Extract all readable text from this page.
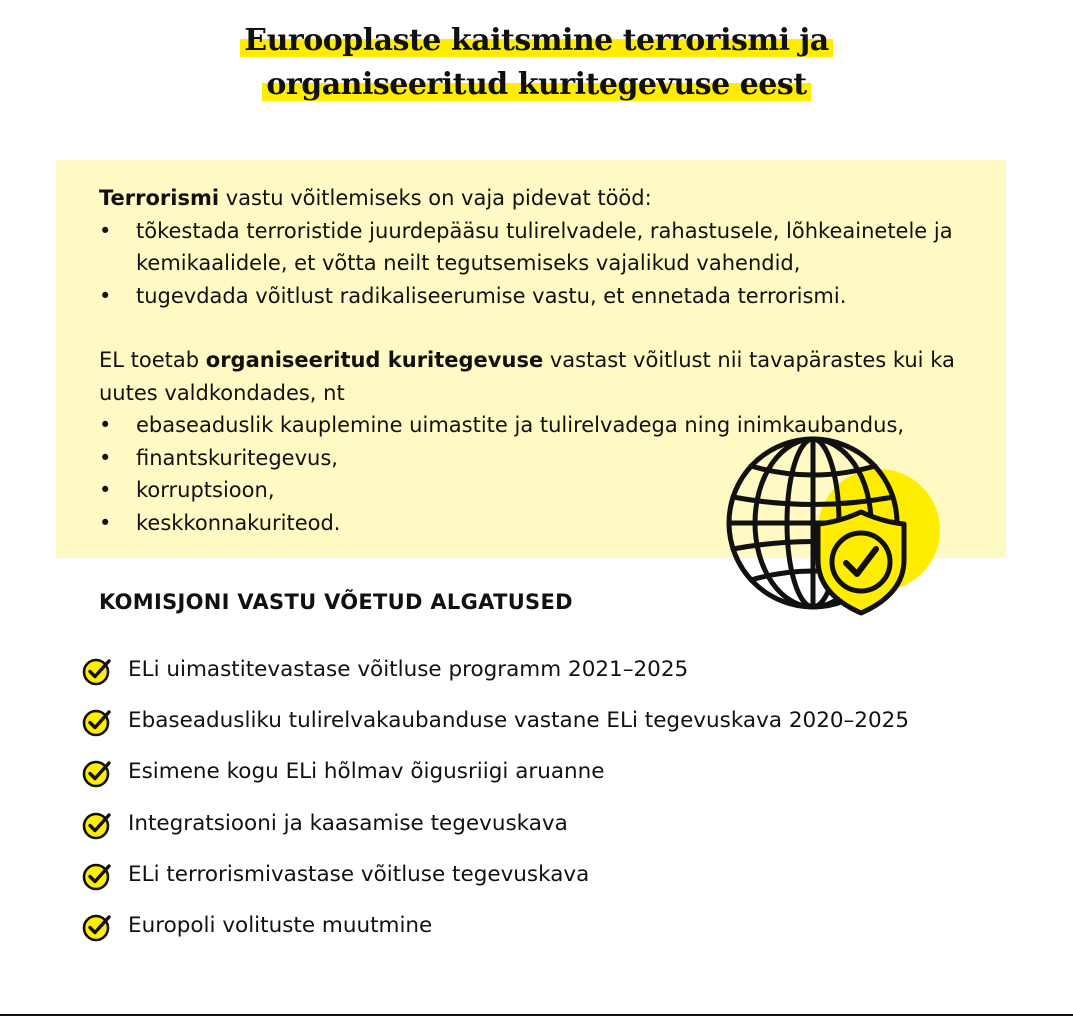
Eurooplaste kaitsmine terrorismi ja
organiseeritud kuritegevuse eest

Terrorismi vastu võitlemiseks on vaja pidevat tööd:

• tõkestada terroristide juurdepääsu tulirelvadele, rahastusele, lõhkeainetele ja kemikaalidele, et võtta neilt tegutsemiseks vajalikud vahendid,
• tugevdada võitlust radikaliseerumise vastu, et ennetada terrorismi.

EL toetab organiseeritud kuritegevuse vastast võitlust nii tavapärastes kui ka uutes valdkondades, nt

• ebaseaduslik kauplemine uimastite ja tulirelvadega ning inimkaubandus,
• finantskuritegevus,
• korruptsioon,
• keskkonnakuriteod.
KOMISJONI VASTU VÕETUD ALGATUSED
ELi uimastitevastase võitluse programm 2021–2025
Ebaseadusliku tulirelvakaubanduse vastane ELi tegevuskava 2020–2025
Esimene kogu ELi hõlmav õigusriigi aruanne
Integratsiooni ja kaasamise tegevuskava
ELi terrorismivastase võitluse tegevuskava
Europoli volituste muutmine
